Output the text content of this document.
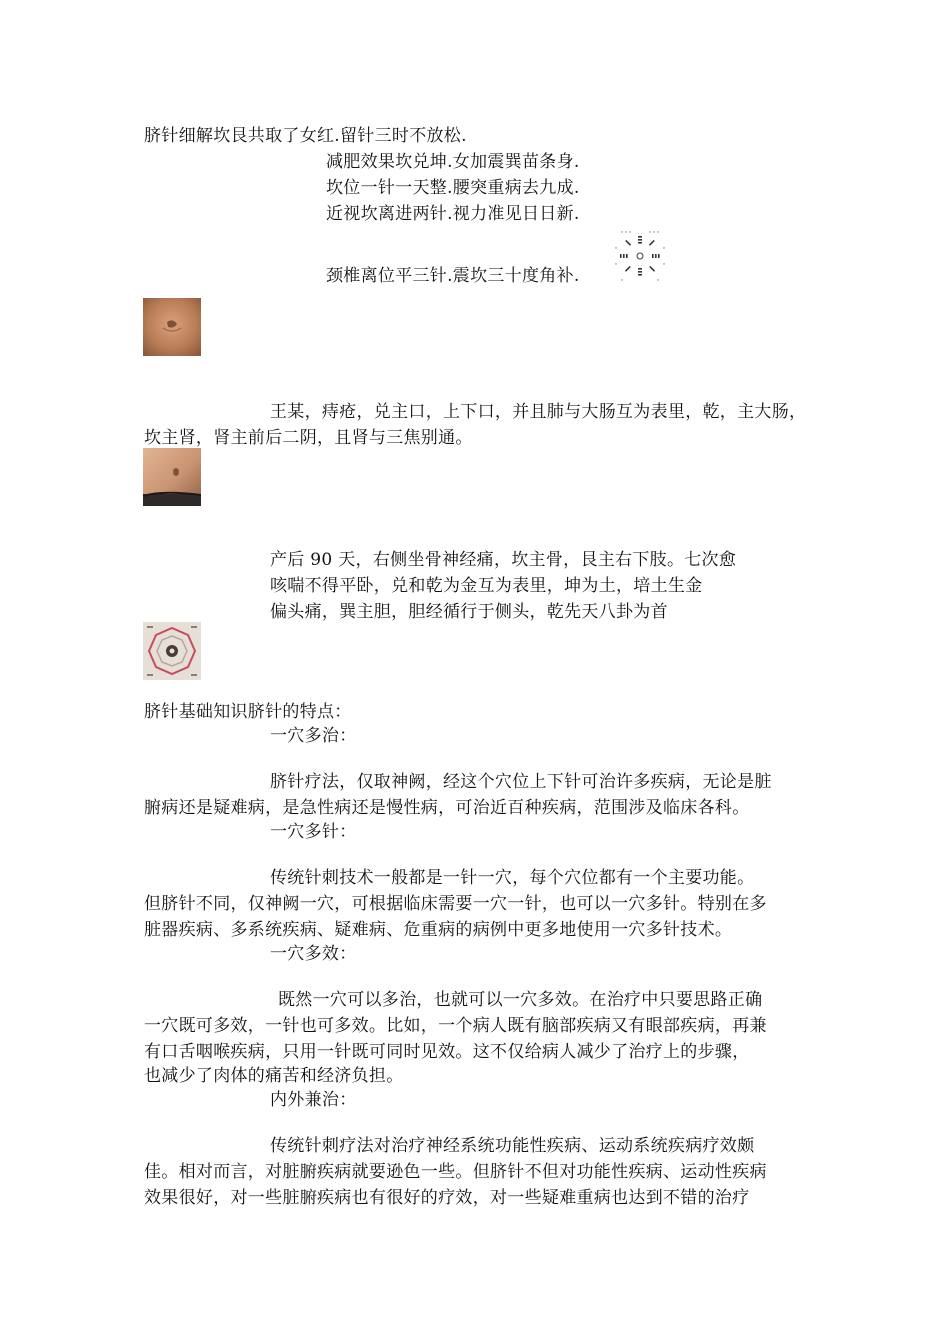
脐针细解坎艮共取了女红.留针三时不放松.
减肥效果坎兑坤.女加震巽苗条身.
坎位一针一天整.腰突重病去九成.
近视坎离进两针.视力准见日日新.
颈椎离位平三针.震坎三十度角补.
王某，痔疮，兑主口，上下口，并且肺与大肠互为表里，乾，主大肠，
坎主肾，肾主前后二阴，且肾与三焦别通。
产后 90 天，右侧坐骨神经痛，坎主骨，艮主右下肢。七次愈
咳喘不得平卧，兑和乾为金互为表里，坤为土，培土生金
偏头痛，巽主胆，胆经循行于侧头，乾先天八卦为首
脐针基础知识脐针的特点：
一穴多治：
脐针疗法，仅取神阙，经这个穴位上下针可治许多疾病，无论是脏
腑病还是疑难病，是急性病还是慢性病，可治近百种疾病，范围涉及临床各科。
一穴多针：
传统针刺技术一般都是一针一穴，每个穴位都有一个主要功能。
但脐针不同，仅神阙一穴，可根据临床需要一穴一针，也可以一穴多针。特别在多
脏器疾病、多系统疾病、疑难病、危重病的病例中更多地使用一穴多针技术。
一穴多效：
既然一穴可以多治，也就可以一穴多效。在治疗中只要思路正确
一穴既可多效，一针也可多效。比如，一个病人既有脑部疾病又有眼部疾病，再兼
有口舌咽喉疾病，只用一针既可同时见效。这不仅给病人减少了治疗上的步骤，
也减少了肉体的痛苦和经济负担。
内外兼治：
传统针刺疗法对治疗神经系统功能性疾病、运动系统疾病疗效颇
佳。相对而言，对脏腑疾病就要逊色一些。但脐针不但对功能性疾病、运动性疾病
效果很好，对一些脏腑疾病也有很好的疗效，对一些疑难重病也达到不错的治疗
